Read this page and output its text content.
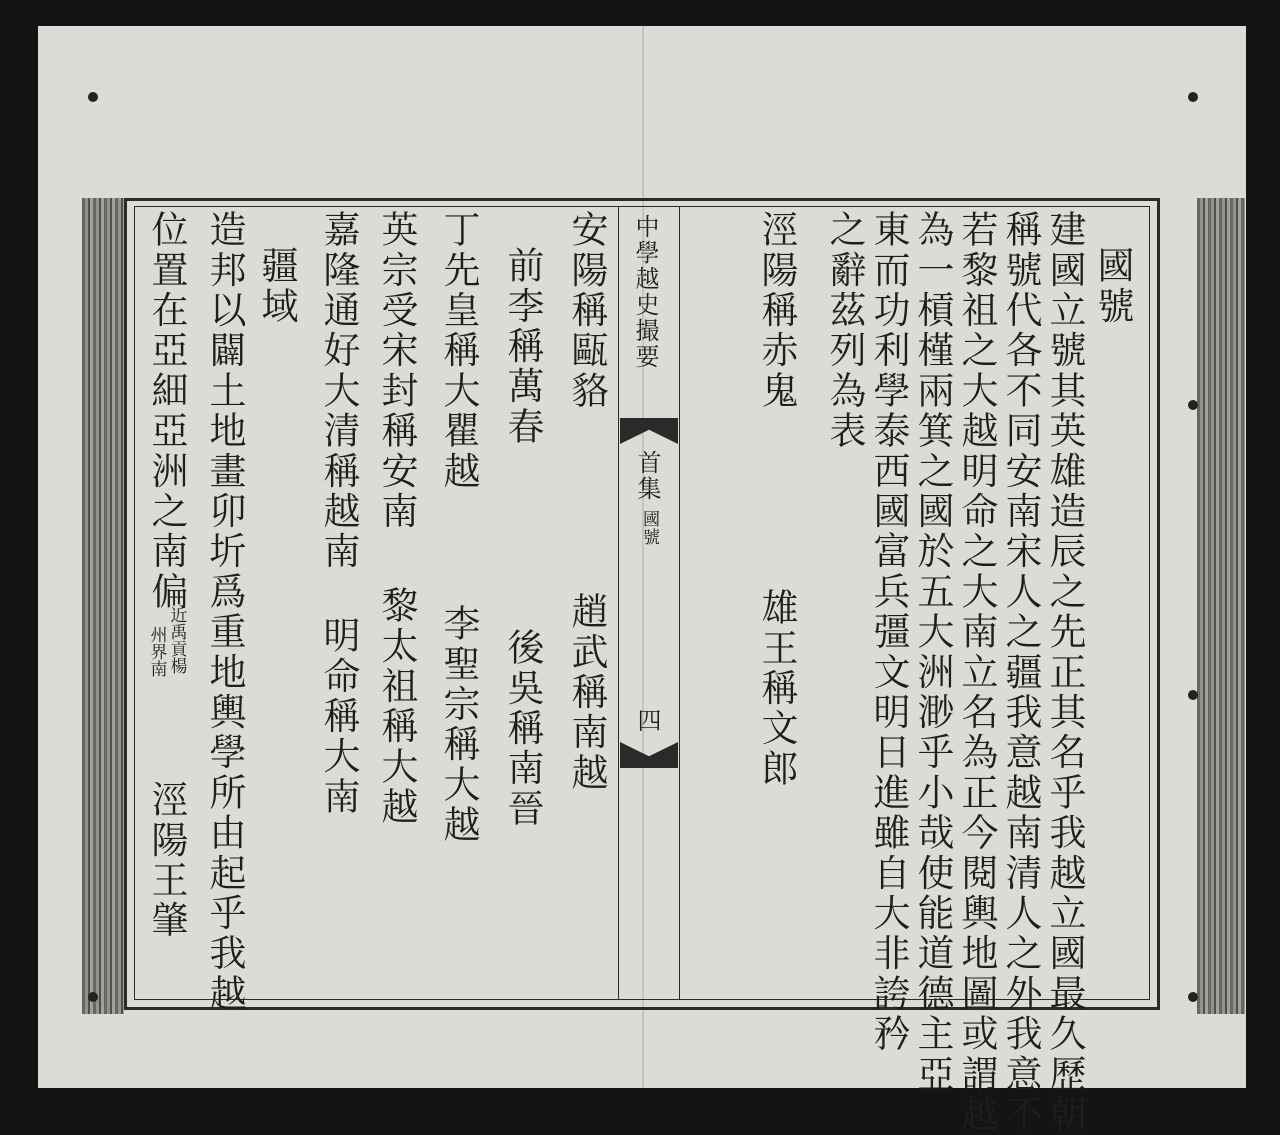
國號
建國立號其英雄造辰之先正其名乎我越立國最久歷朝
稱號代各不同安南宋人之疆我意越南清人之外我意不
若黎祖之大越明命之大南立名為正今閱輿地圖或謂越
為一槓槿兩箕之國於五大洲渺乎小哉使能道德主亞
東而功利學泰西國富兵彊文明日進雖自大非誇矜
之辭茲列為表
涇陽稱赤鬼
雄王稱文郎
中學越史撮要
首集
國號
四
安陽稱甌貉
趙武稱南越
前李稱萬春
後吳稱南晉
丁先皇稱大瞿越
李聖宗稱大越
英宗受宋封稱安南
黎太祖稱大越
嘉隆通好大清稱越南
明命稱大南
疆域
造邦以闢土地畫卯圻爲重地輿學所由起乎我越
位置在亞細亞洲之南偏
近禹貢楊
州界南
涇陽王肇
